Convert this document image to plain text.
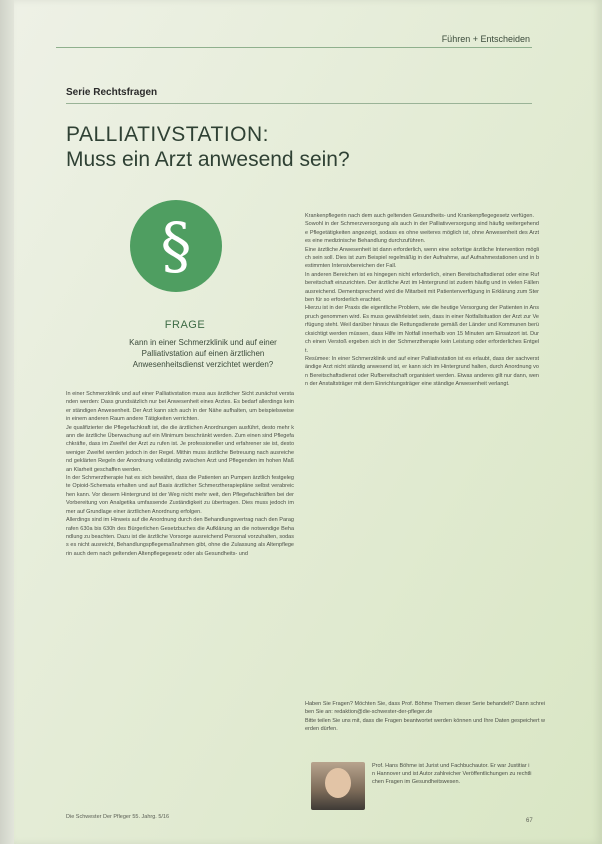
Führen + Entscheiden
Serie Rechtsfragen
PALLIATIVSTATION:
Muss ein Arzt anwesend sein?
§
FRAGE
Kann in einer Schmerzklinik und auf einer Palliativstation auf einen ärztlichen Anwesenheitsdienst verzichtet werden?

In einer Schmerzklinik und auf einer Palliativstation muss aus ärztlicher Sicht zunächst verstanden werden: Dass grundsätzlich nur bei Anwesenheit eines Arztes. Es bedarf allerdings keiner ständigen Anwesenheit. Der Arzt kann sich auch in der Nähe aufhalten, um beispielsweise in einem anderen Raum andere Tätigkeiten verrichten.

Je qualifizierter die Pflegefachkraft ist, die die ärztlichen Anordnungen ausführt, desto mehr kann die ärztliche Überwachung auf ein Minimum beschränkt werden. Zum einen sind Pflegefachkräfte, dass im Zweifel der Arzt zu rufen ist. Je professioneller und erfahrener sie ist, desto weniger Zweifel werden jedoch in der Regel. Mithin muss ärztliche Betreuung nach ausreichend geklärten Regeln der Anordnung vollständig zwischen Arzt und Pflegenden im hohen Maß an Klarheit geschaffen werden.

In der Schmerztherapie hat es sich bewährt, dass die Patienten an Pumpen ärztlich festgelegte Opioid-Schemata erhalten und auf Basis ärztlicher Schmerztherapiepläne selbst verabreichen kann. Vor diesem Hintergrund ist der Weg nicht mehr weit, den Pflegefachkräften bei der Vorbereitung von Analgetika umfassende Zuständigkeit zu übertragen. Dies muss jedoch immer auf Grundlage einer ärztlichen Anordnung erfolgen.

Allerdings sind im Hinweis auf die Anordnung durch den Behandlungsvertrag nach den Paragrafen 630a bis 630h des Bürgerlichen Gesetzbuches die Aufklärung an die notwendige Behandlung zu beachten. Dazu ist die ärztliche Vorsorge ausreichend Personal vorzuhalten, sodass es nicht ausreicht, Behandlungspflegemaßnahmen gibt, ohne die Zulassung als Altenpflegerin auch dem nach geltenden Altenpflegegesetz oder als Gesundheits- und

Krankenpflegerin nach dem auch geltenden Gesundheits- und Krankenpflegegesetz verfügen.

Sowohl in der Schmerzversorgung als auch in der Palliativversorgung sind häufig weitergehende Pflegetätigkeiten angezeigt, sodass es ohne weiteres möglich ist, ohne Anwesenheit des Arztes eine medizinische Behandlung durchzuführen.

Eine ärztliche Anwesenheit ist dann erforderlich, wenn eine sofortige ärztliche Intervention möglich sein soll. Dies ist zum Beispiel regelmäßig in der Aufnahme, auf Aufnahmestationen und in bestimmten Intensivbereichen der Fall.

In anderen Bereichen ist es hingegen nicht erforderlich, einen Bereitschaftsdienst oder eine Rufbereitschaft einzurichten. Der ärztliche Arzt im Hintergrund ist zudem häufig und in vielen Fällen ausreichend. Dementsprechend wird die Mitarbeit mit Patientenverfügung in Erklärung zum Sterben für so erforderlich erachtet.

Hierzu ist in der Praxis die eigentliche Problem, wie die heutige Versorgung der Patienten in Anspruch genommen wird. Es muss gewährleistet sein, dass in einer Notfallsituation der Arzt zur Verfügung steht. Weil darüber hinaus die Rettungsdienste gemäß der Länder und Kommunen berücksichtigt werden müssen, dass Hilfe im Notfall innerhalb von 15 Minuten am Einsatzort ist. Durch einen Verstoß ergeben sich in der Schmerztherapie kein Leistung oder erforderliches Entgelt.

Resümee: In einer Schmerzklinik und auf einer Palliativstation ist es erlaubt, dass der sachverständige Arzt nicht ständig anwesend ist, er kann sich im Hintergrund halten, durch Anordnung von Bereitschaftsdienst oder Rufbereitschaft organisiert werden. Etwas anderes gilt nur dann, wenn der Anstaltsträger mit dem Einrichtungsträger eine ständige Anwesenheit verlangt.

Haben Sie Fragen? Möchten Sie, dass Prof. Böhme Themen dieser Serie behandelt? Dann schreiben Sie an: redaktion@die-schwester-der-pfleger.de

Bitte teilen Sie uns mit, dass die Fragen beantwortet werden können und Ihre Daten gespeichert werden dürfen.

Prof. Hans Böhme ist Jurist und Fachbuchautor. Er war Justitiar in Hannover und ist Autor zahlreicher Veröffentlichungen zu rechtlichen Fragen im Gesundheitswesen.
Die Schwester Der Pfleger 55. Jahrg. 5/16
67
